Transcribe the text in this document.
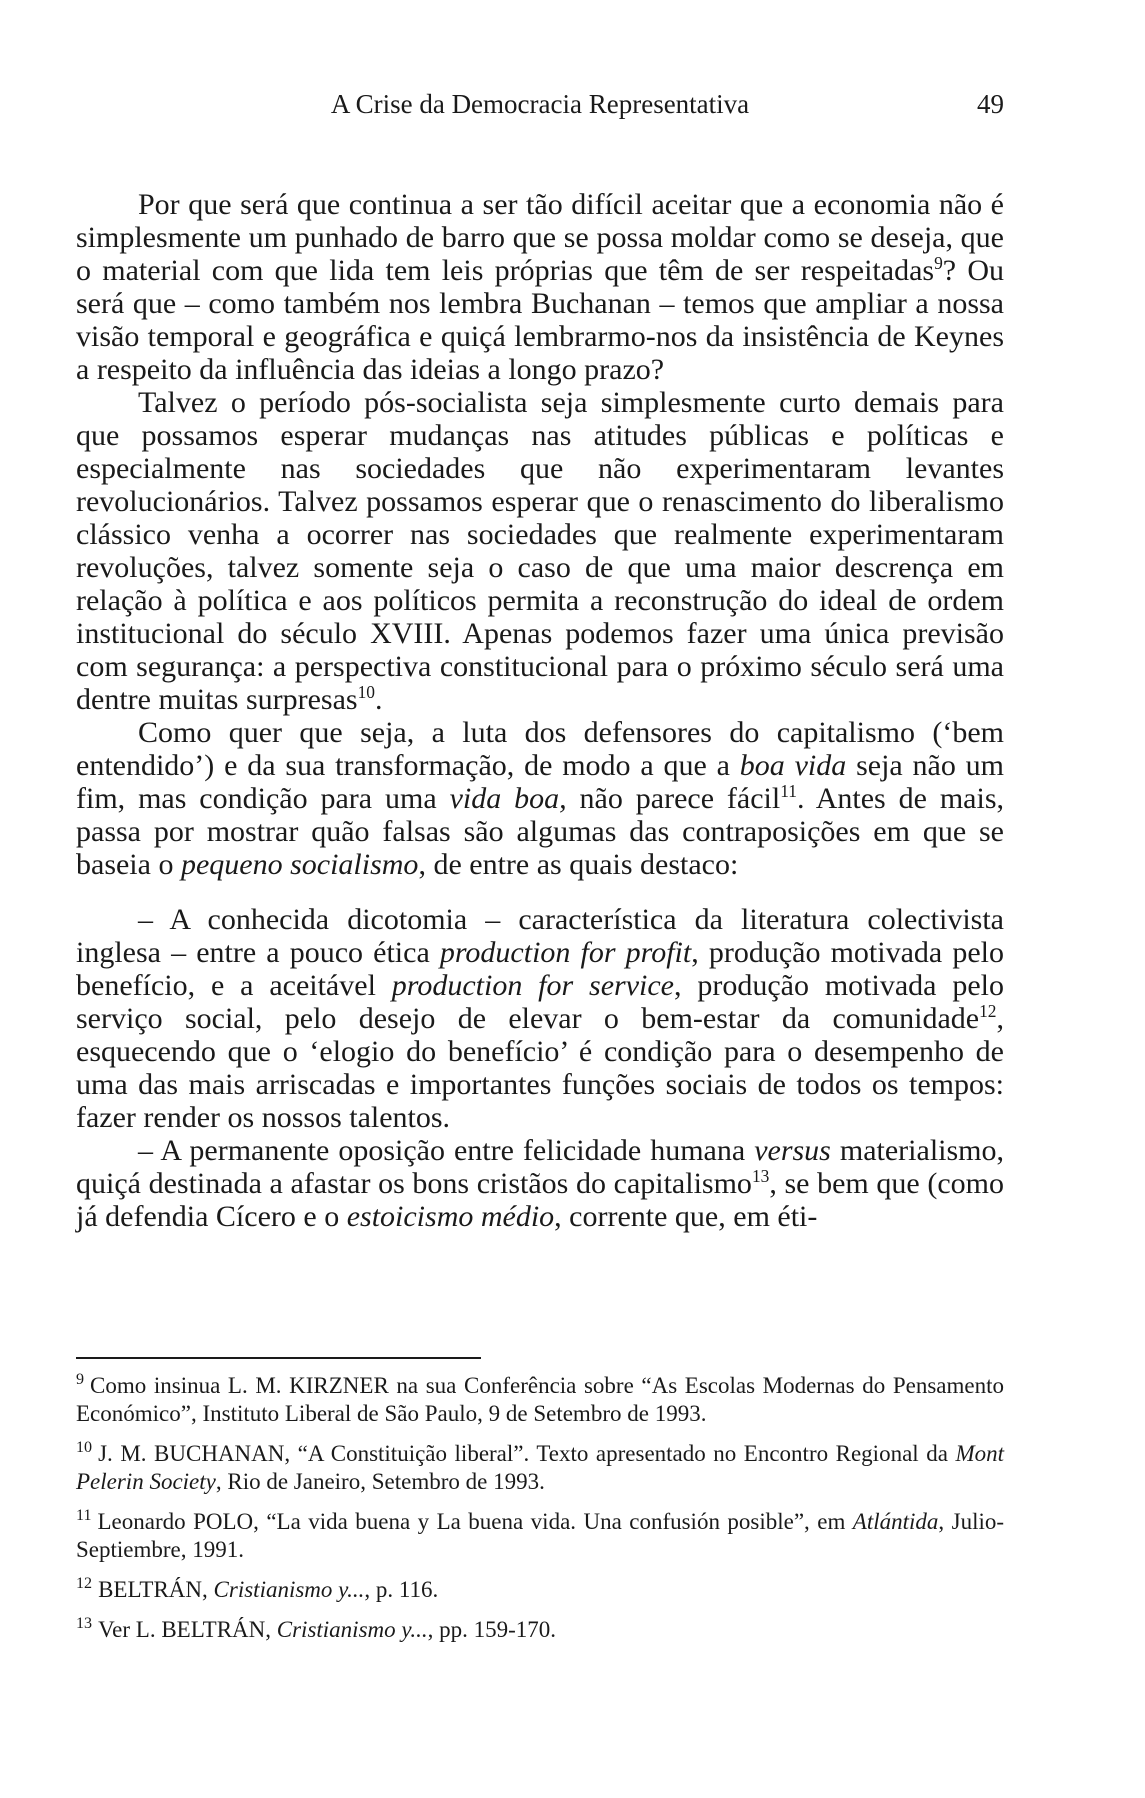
A Crise da Democracia Representativa	49

Por que será que continua a ser tão difícil aceitar que a economia não é simplesmente um punhado de barro que se possa moldar como se deseja, que o material com que lida tem leis próprias que têm de ser respeitadas$^9$? Ou será que – como também nos lembra Buchanan – temos que ampliar a nossa visão temporal e geográfica e quiçá lembrarmo-nos da insistência de Keynes a respeito da influência das ideias a longo prazo?

Talvez o período pós-socialista seja simplesmente curto demais para que possamos esperar mudanças nas atitudes públicas e políticas e especialmente nas sociedades que não experimentaram levantes revolucionários. Talvez possamos esperar que o renascimento do liberalismo clássico venha a ocorrer nas sociedades que realmente experimentaram revoluções, talvez somente seja o caso de que uma maior descrença em relação à política e aos políticos permita a reconstrução do ideal de ordem institucional do século XVIII. Apenas podemos fazer uma única previsão com segurança: a perspectiva constitucional para o próximo século será uma dentre muitas surpresas$^{10}$.

Como quer que seja, a luta dos defensores do capitalismo (‘bem entendido’) e da sua transformação, de modo a que a boa vida seja não um fim, mas condição para uma vida boa, não parece fácil$^{11}$. Antes de mais, passa por mostrar quão falsas são algumas das contraposições em que se baseia o pequeno socialismo, de entre as quais destaco:

– A conhecida dicotomia – característica da literatura colectivista inglesa – entre a pouco ética production for profit, produção motivada pelo benefício, e a aceitável production for service, produção motivada pelo serviço social, pelo desejo de elevar o bem-estar da comunidade$^{12}$, esquecendo que o ‘elogio do benefício’ é condição para o desempenho de uma das mais arriscadas e importantes funções sociais de todos os tempos: fazer render os nossos talentos.

– A permanente oposição entre felicidade humana versus materialismo, quiçá destinada a afastar os bons cristãos do capitalismo$^{13}$, se bem que (como já defendia Cícero e o estoicismo médio, corrente que, em éti-

$^9$ Como insinua L. M. KIRZNER na sua Conferência sobre “As Escolas Modernas do Pensamento Económico”, Instituto Liberal de São Paulo, 9 de Setembro de 1993.
$^{10}$ J. M. BUCHANAN, “A Constituição liberal”. Texto apresentado no Encontro Regional da Mont Pelerin Society, Rio de Janeiro, Setembro de 1993.
$^{11}$ Leonardo POLO, “La vida buena y La buena vida. Una confusión posible”, em Atlántida, Julio-Septiembre, 1991.
$^{12}$ BELTRÁN, Cristianismo y..., p. 116.
$^{13}$ Ver L. BELTRÁN, Cristianismo y..., pp. 159-170.
